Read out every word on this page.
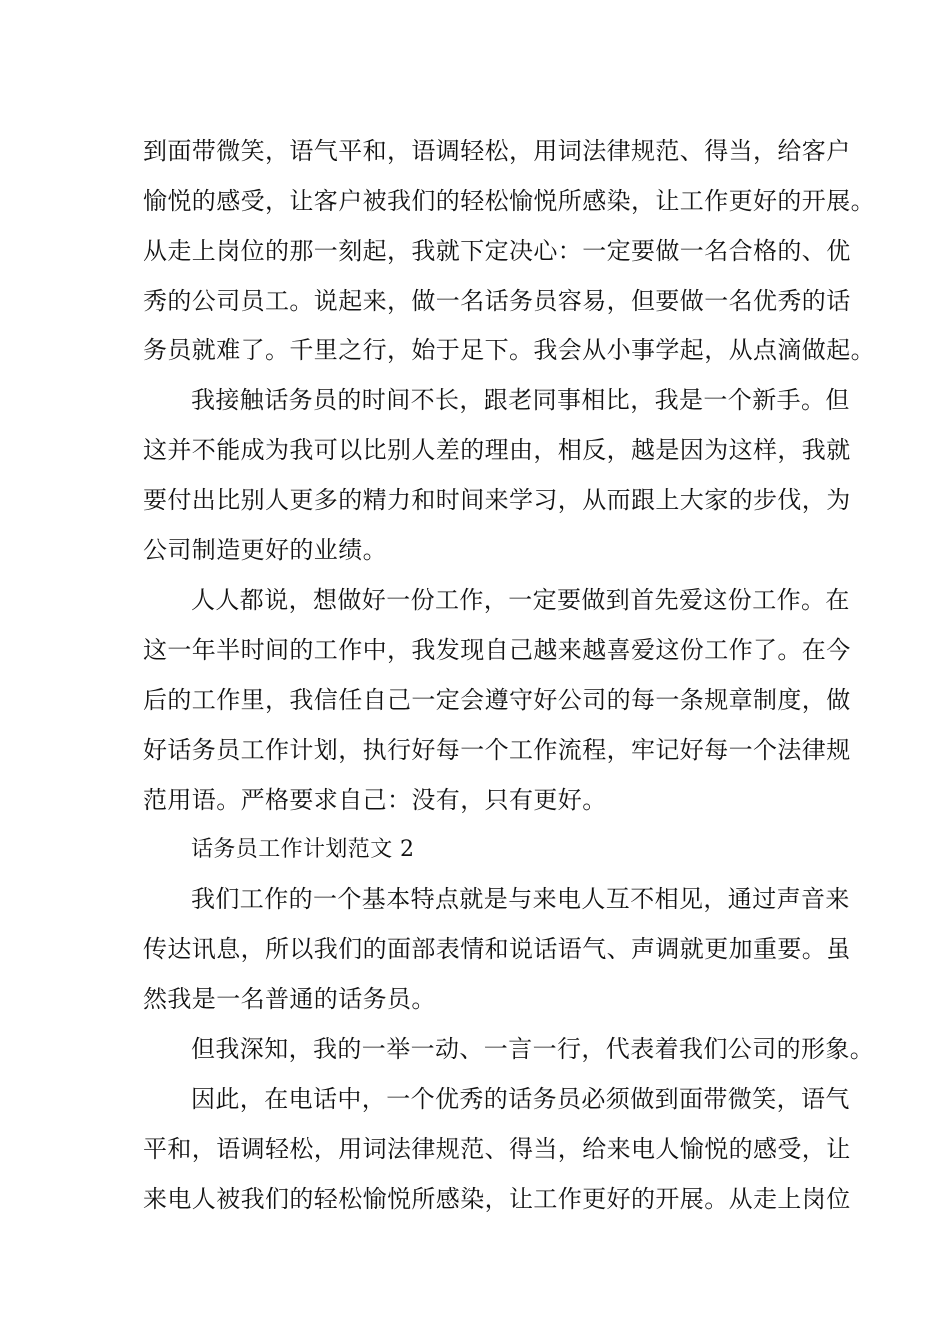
到面带微笑，语气平和，语调轻松，用词法律规范、得当，给客户
愉悦的感受，让客户被我们的轻松愉悦所感染，让工作更好的开展。
从走上岗位的那一刻起，我就下定决心：一定要做一名合格的、优
秀的公司员工。说起来，做一名话务员容易，但要做一名优秀的话
务员就难了。千里之行，始于足下。我会从小事学起，从点滴做起。
我接触话务员的时间不长，跟老同事相比，我是一个新手。但
这并不能成为我可以比别人差的理由，相反，越是因为这样，我就
要付出比别人更多的精力和时间来学习，从而跟上大家的步伐，为
公司制造更好的业绩。
人人都说，想做好一份工作，一定要做到首先爱这份工作。在
这一年半时间的工作中，我发现自己越来越喜爱这份工作了。在今
后的工作里，我信任自己一定会遵守好公司的每一条规章制度，做
好话务员工作计划，执行好每一个工作流程，牢记好每一个法律规
范用语。严格要求自己：没有，只有更好。
话务员工作计划范文 2
我们工作的一个基本特点就是与来电人互不相见，通过声音来
传达讯息，所以我们的面部表情和说话语气、声调就更加重要。虽
然我是一名普通的话务员。
但我深知，我的一举一动、一言一行，代表着我们公司的形象。
因此，在电话中，一个优秀的话务员必须做到面带微笑，语气
平和，语调轻松，用词法律规范、得当，给来电人愉悦的感受，让
来电人被我们的轻松愉悦所感染，让工作更好的开展。从走上岗位
